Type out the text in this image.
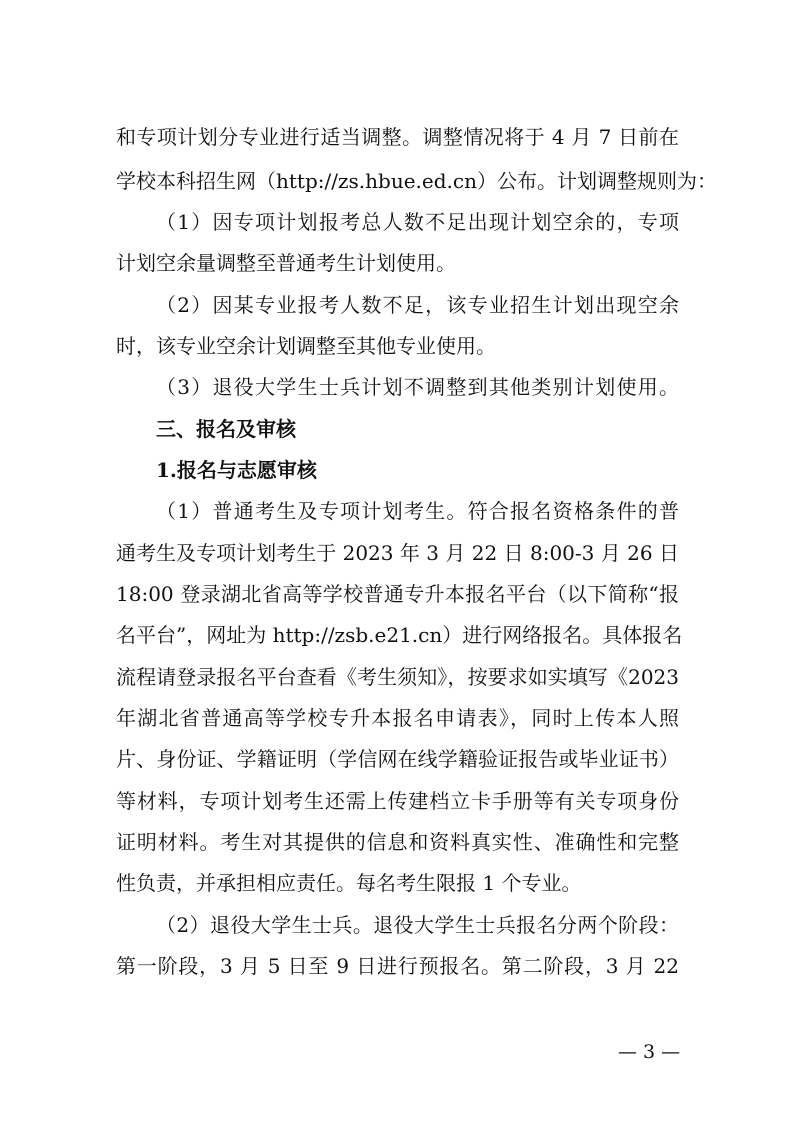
和专项计划分专业进行适当调整。调整情况将于 4 月 7 日前在
学校本科招生网（http://zs.hbue.ed.cn）公布。计划调整规则为：
（1）因专项计划报考总人数不足出现计划空余的，专项
计划空余量调整至普通考生计划使用。
（2）因某专业报考人数不足，该专业招生计划出现空余
时，该专业空余计划调整至其他专业使用。
（3）退役大学生士兵计划不调整到其他类别计划使用。
三、报名及审核
1.报名与志愿审核
（1）普通考生及专项计划考生。符合报名资格条件的普
通考生及专项计划考生于 2023 年 3 月 22 日 8:00-3 月 26 日
18:00 登录湖北省高等学校普通专升本报名平台（以下简称“报
名平台”，网址为 http://zsb.e21.cn）进行网络报名。具体报名
流程请登录报名平台查看《考生须知》，按要求如实填写《2023
年湖北省普通高等学校专升本报名申请表》，同时上传本人照
片、身份证、学籍证明（学信网在线学籍验证报告或毕业证书）
等材料，专项计划考生还需上传建档立卡手册等有关专项身份
证明材料。考生对其提供的信息和资料真实性、准确性和完整
性负责，并承担相应责任。每名考生限报 1 个专业。
（2）退役大学生士兵。退役大学生士兵报名分两个阶段：
第一阶段，3 月 5 日至 9 日进行预报名。第二阶段，3 月 22
— 3 —
